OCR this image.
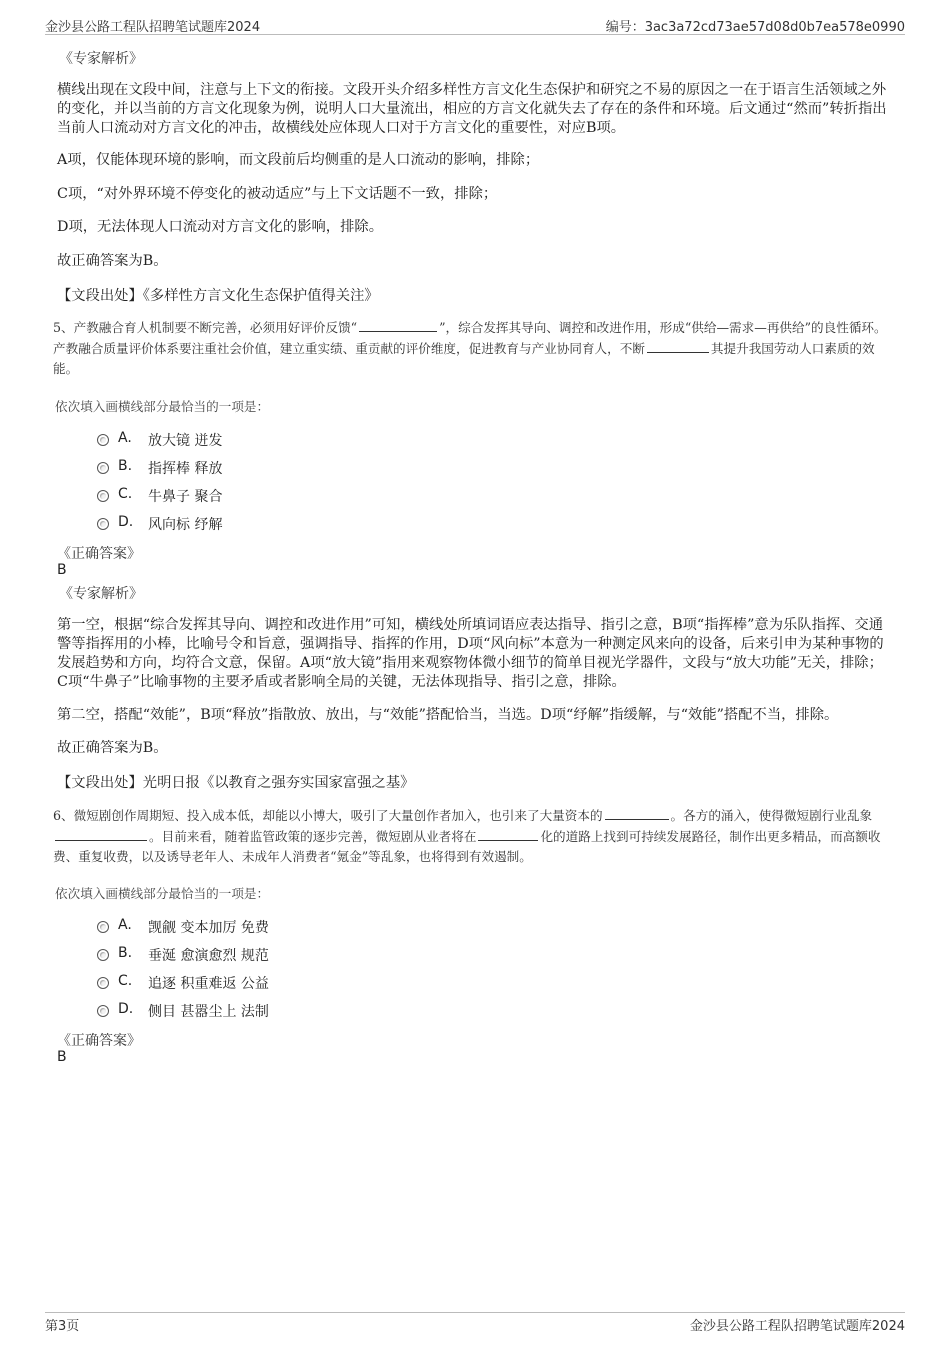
金沙县公路工程队招聘笔试题库2024	编号：3ac3a72cd73ae57d08d0b7ea578e0990
《专家解析》
横线出现在文段中间，注意与上下文的衔接。文段开头介绍多样性方言文化生态保护和研究之不易的原因之一在于语言生活领域之外的变化，并以当前的方言文化现象为例，说明人口大量流出，相应的方言文化就失去了存在的条件和环境。后文通过“然而”转折指出当前人口流动对方言文化的冲击，故横线处应体现人口对于方言文化的重要性，对应B项。
A项，仅能体现环境的影响，而文段前后均侧重的是人口流动的影响，排除；
C项，“对外界环境不停变化的被动适应”与上下文话题不一致，排除；
D项，无法体现人口流动对方言文化的影响，排除。
故正确答案为B。
【文段出处】《多样性方言文化生态保护值得关注》
5、产教融合育人机制要不断完善，必须用好评价反馈“	”，综合发挥其导向、调控和改进作用，形成“供给—需求—再供给”的良性循环。产教融合质量评价体系要注重社会价值，建立重实绩、重贡献的评价维度，促进教育与产业协同育人，不断	其提升我国劳动人口素质的效能。
依次填入画横线部分最恰当的一项是：
A. 放大镜 迸发
B. 指挥棒 释放
C. 牛鼻子 聚合
D. 风向标 纾解
《正确答案》
B
《专家解析》
第一空，根据“综合发挥其导向、调控和改进作用”可知，横线处所填词语应表达指导、指引之意，B项“指挥棒”意为乐队指挥、交通警等指挥用的小棒，比喻号令和旨意，强调指导、指挥的作用，D项“风向标”本意为一种测定风来向的设备，后来引申为某种事物的发展趋势和方向，均符合文意，保留。A项“放大镜”指用来观察物体微小细节的简单目视光学器件，文段与“放大功能”无关，排除；C项“牛鼻子”比喻事物的主要矛盾或者影响全局的关键，无法体现指导、指引之意，排除。
第二空，搭配“效能”，B项“释放”指散放、放出，与“效能”搭配恰当，当选。D项“纾解”指缓解，与“效能”搭配不当，排除。
故正确答案为B。
【文段出处】光明日报《以教育之强夯实国家富强之基》
6、微短剧创作周期短、投入成本低，却能以小博大，吸引了大量创作者加入，也引来了大量资本的	。各方的涌入，使得微短剧行业乱象。目前来看，随着监管政策的逐步完善，微短剧从业者将在	化的道路上找到可持续发展路径，制作出更多精品，而高额收费、重复收费，以及诱导老年人、未成年人消费者“氪金”等乱象，也将得到有效遏制。
依次填入画横线部分最恰当的一项是：
A. 觊觎 变本加厉 免费
B. 垂涎 愈演愈烈 规范
C. 追逐 积重难返 公益
D. 侧目 甚嚣尘上 法制
《正确答案》
B
第3页	金沙县公路工程队招聘笔试题库2024
